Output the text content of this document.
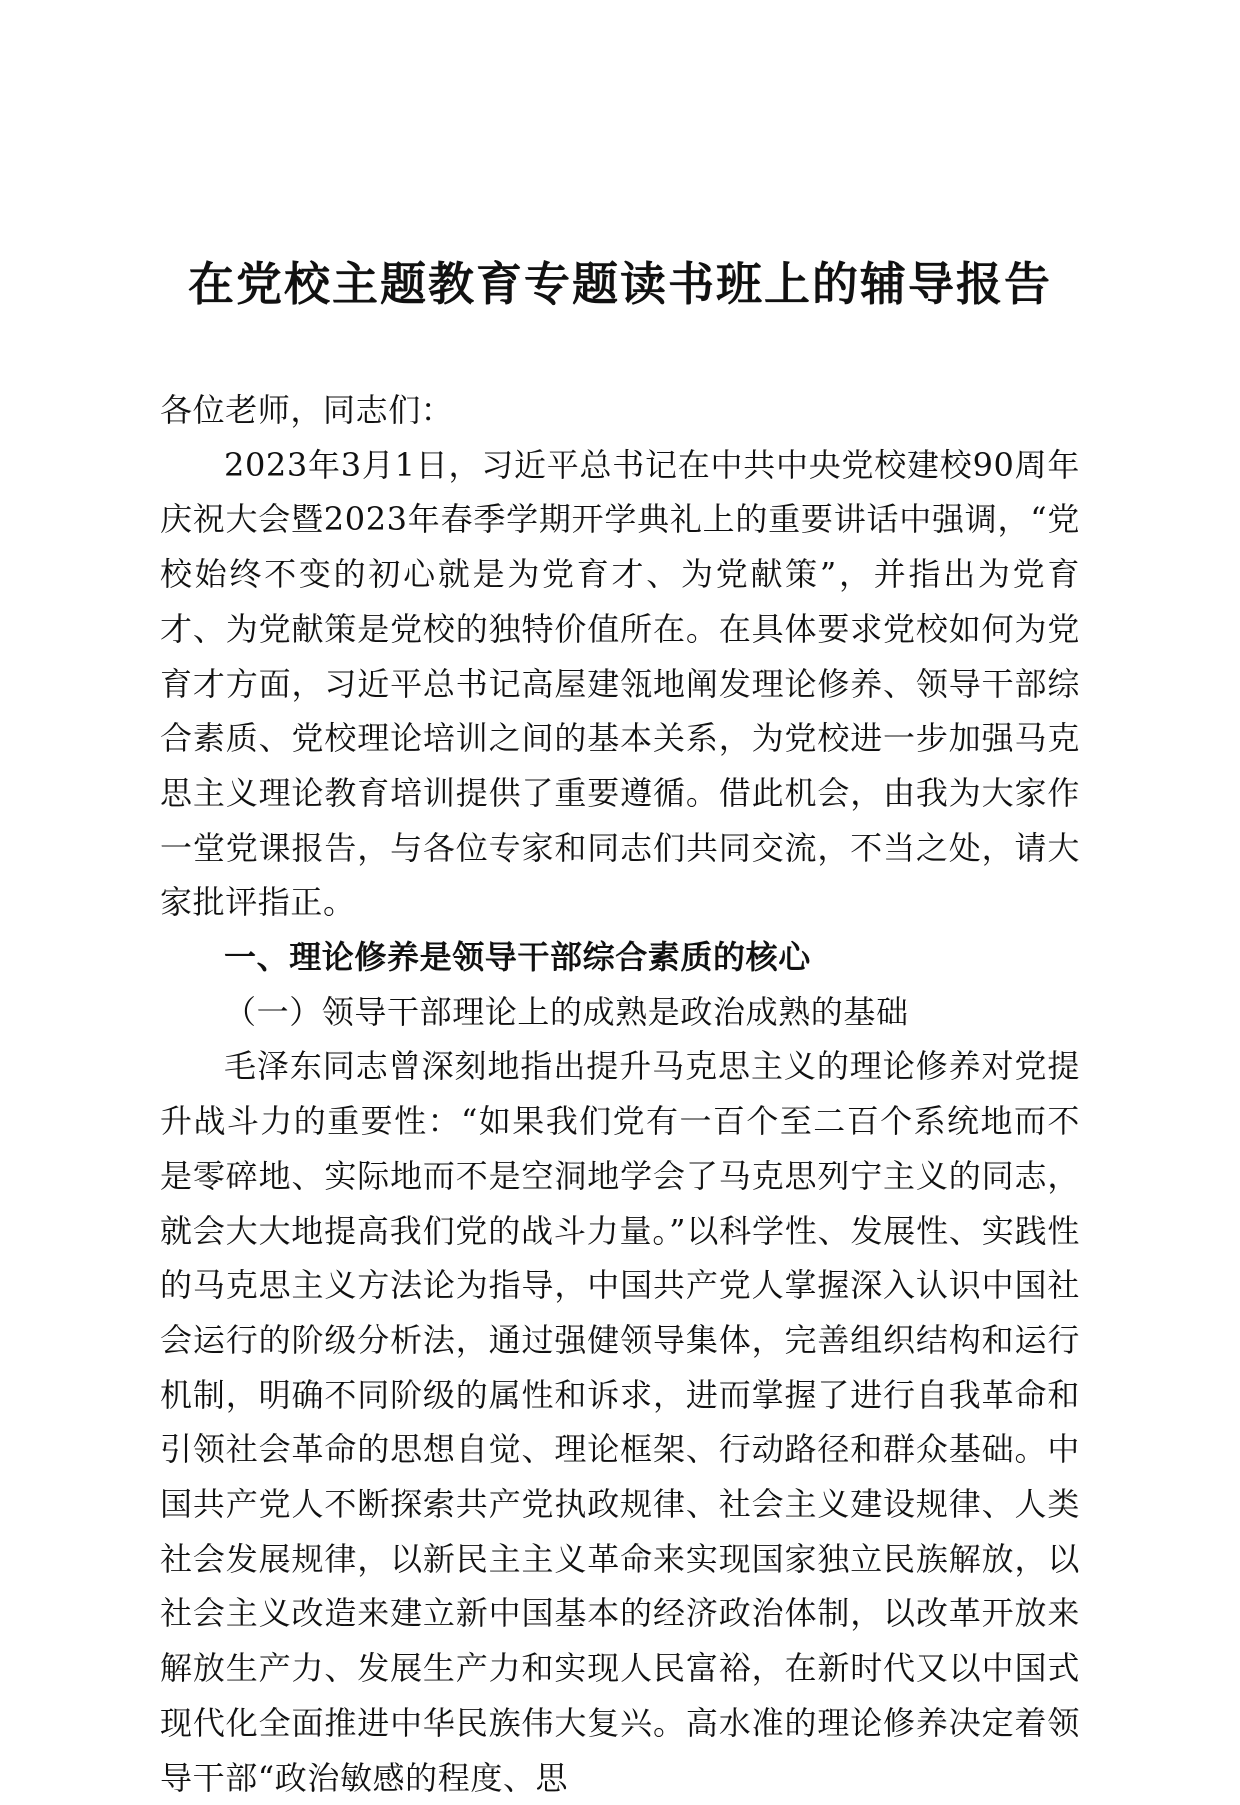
在党校主题教育专题读书班上的辅导报告

各位老师，同志们：

2023年3月1日，习近平总书记在中共中央党校建校90周年庆祝大会暨2023年春季学期开学典礼上的重要讲话中强调，“党校始终不变的初心就是为党育才、为党献策”，并指出为党育才、为党献策是党校的独特价值所在。在具体要求党校如何为党育才方面，习近平总书记高屋建瓴地阐发理论修养、领导干部综合素质、党校理论培训之间的基本关系，为党校进一步加强马克思主义理论教育培训提供了重要遵循。借此机会，由我为大家作一堂党课报告，与各位专家和同志们共同交流，不当之处，请大家批评指正。

一、理论修养是领导干部综合素质的核心

（一）领导干部理论上的成熟是政治成熟的基础

毛泽东同志曾深刻地指出提升马克思主义的理论修养对党提升战斗力的重要性：“如果我们党有一百个至二百个系统地而不是零碎地、实际地而不是空洞地学会了马克思列宁主义的同志，就会大大地提高我们党的战斗力量。”以科学性、发展性、实践性的马克思主义方法论为指导，中国共产党人掌握深入认识中国社会运行的阶级分析法，通过强健领导集体，完善组织结构和运行机制，明确不同阶级的属性和诉求，进而掌握了进行自我革命和引领社会革命的思想自觉、理论框架、行动路径和群众基础。中国共产党人不断探索共产党执政规律、社会主义建设规律、人类社会发展规律，以新民主主义革命来实现国家独立民族解放，以社会主义改造来建立新中国基本的经济政治体制，以改革开放来解放生产力、发展生产力和实现人民富裕，在新时代又以中国式现代化全面推进中华民族伟大复兴。高水准的理论修养决定着领导干部“政治敏感的程度、思
